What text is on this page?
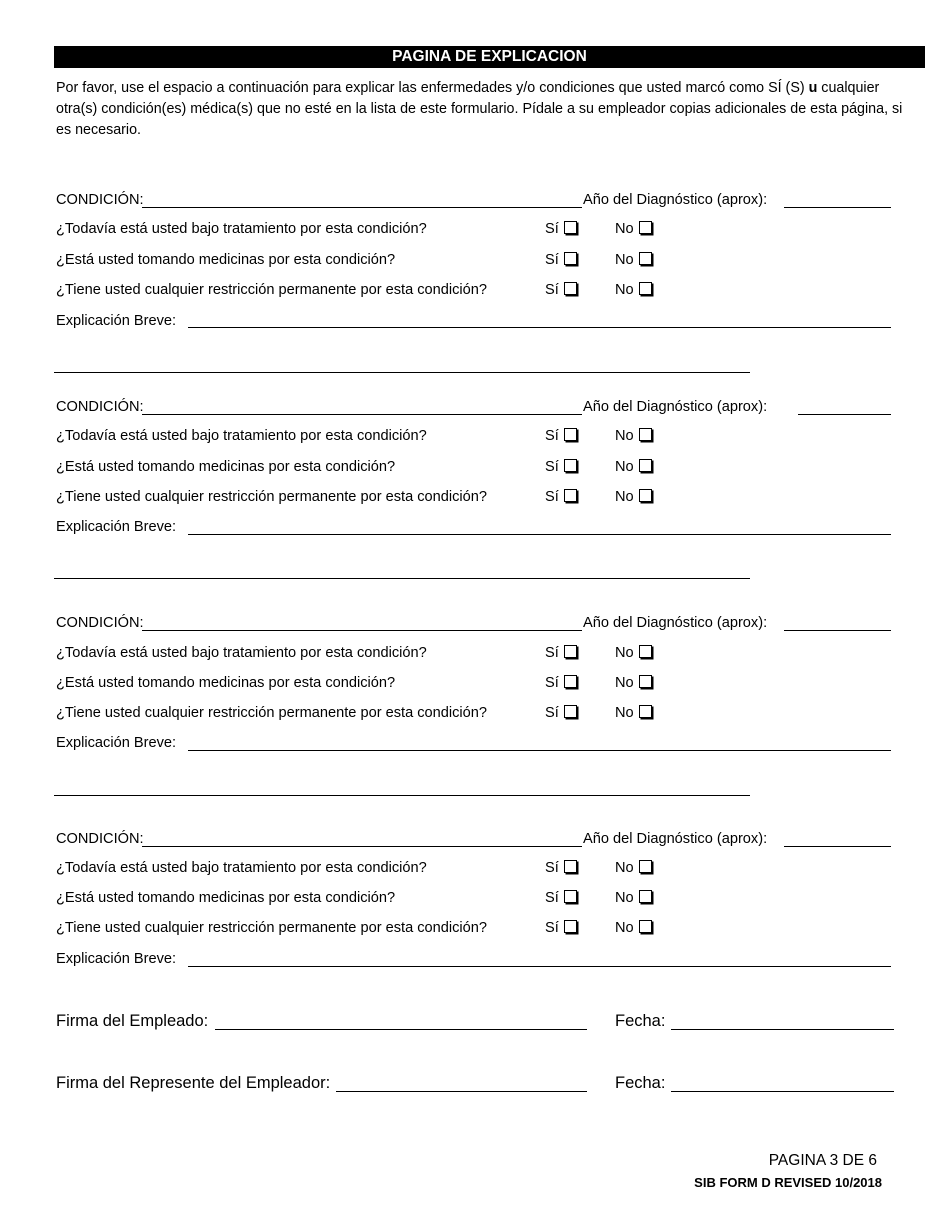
PAGINA DE EXPLICACION
Por favor, use el espacio a continuación para explicar las enfermedades y/o condiciones que usted marcó como SÍ (S) u cualquier otra(s) condición(es) médica(s) que no esté en la lista de este formulario. Pídale a su empleador copias adicionales de esta página, si es necesario.
CONDICIÓN:	Año del Diagnóstico (aprox):
¿Todavía está usted bajo tratamiento por esta condición?	Sí	No
¿Está usted tomando medicinas por esta condición?	Sí	No
¿Tiene usted cualquier restricción permanente por esta condición?	Sí	No
Explicación Breve:
CONDICIÓN:	Año del Diagnóstico (aprox):
¿Todavía está usted bajo tratamiento por esta condición?	Sí	No
¿Está usted tomando medicinas por esta condición?	Sí	No
¿Tiene usted cualquier restricción permanente por esta condición?	Sí	No
Explicación Breve:
CONDICIÓN:	Año del Diagnóstico (aprox):
¿Todavía está usted bajo tratamiento por esta condición?	Sí	No
¿Está usted tomando medicinas por esta condición?	Sí	No
¿Tiene usted cualquier restricción permanente por esta condición?	Sí	No
Explicación Breve:
CONDICIÓN:	Año del Diagnóstico (aprox):
¿Todavía está usted bajo tratamiento por esta condición?	Sí	No
¿Está usted tomando medicinas por esta condición?	Sí	No
¿Tiene usted cualquier restricción permanente por esta condición?	Sí	No
Explicación Breve:
Firma del Empleado:	Fecha:
Firma del Represente del Empleador:	Fecha:
PAGINA 3 DE 6
SIB FORM D REVISED 10/2018
